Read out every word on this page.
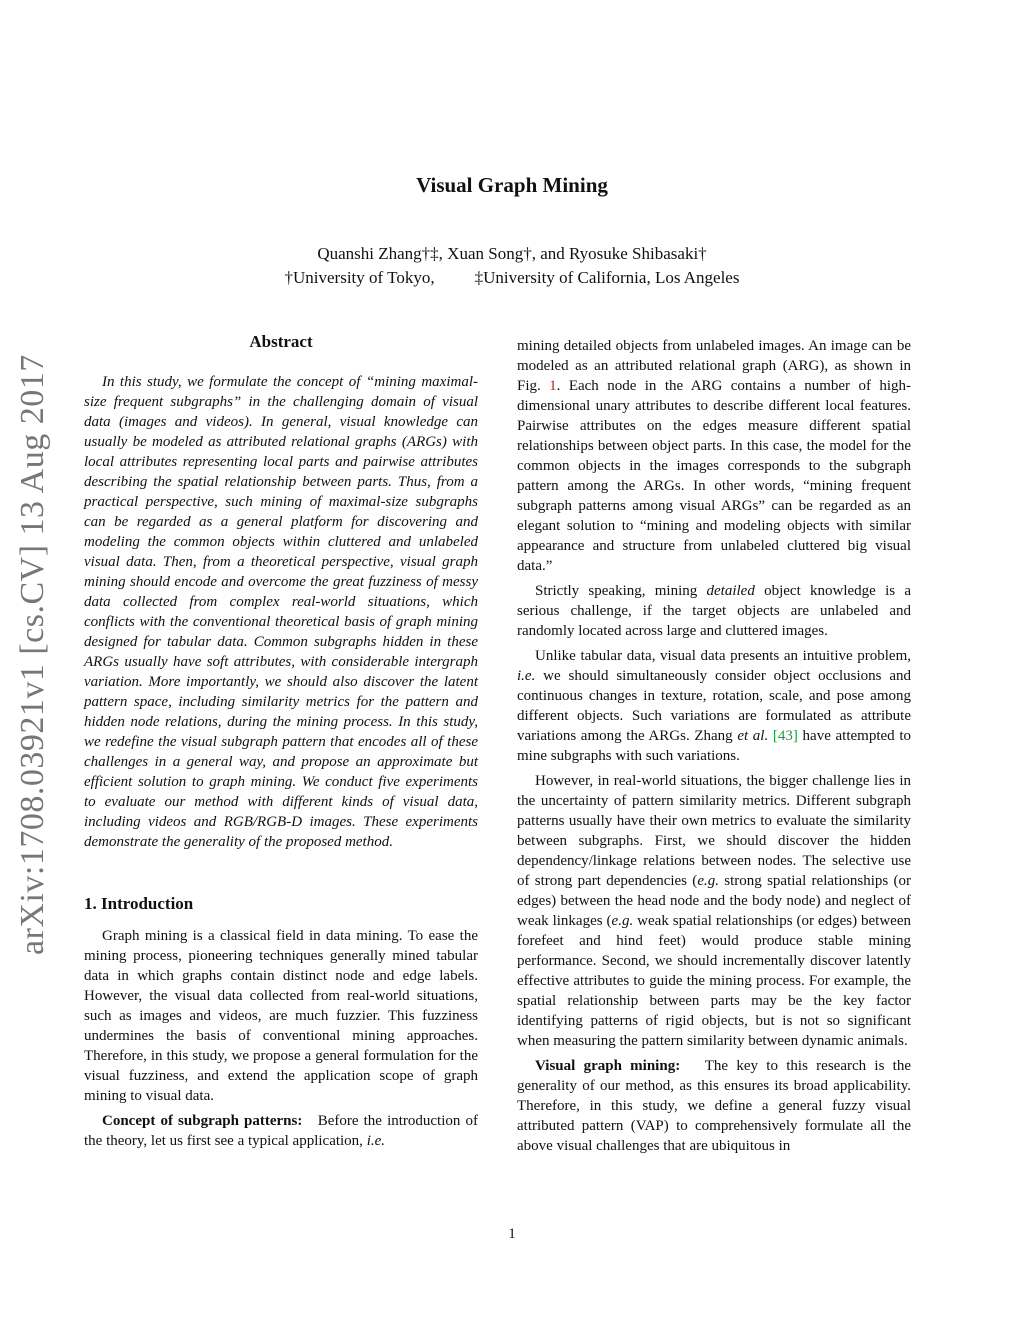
arXiv:1708.03921v1 [cs.CV] 13 Aug 2017
Visual Graph Mining
Quanshi Zhang†‡, Xuan Song†, and Ryosuke Shibasaki†
†University of Tokyo, ‡University of California, Los Angeles
Abstract

In this study, we formulate the concept of “mining maximal-size frequent subgraphs” in the challenging domain of visual data (images and videos). In general, visual knowledge can usually be modeled as attributed relational graphs (ARGs) with local attributes representing local parts and pairwise attributes describing the spatial relationship between parts. Thus, from a practical perspective, such mining of maximal-size subgraphs can be regarded as a general platform for discovering and modeling the common objects within cluttered and unlabeled visual data. Then, from a theoretical perspective, visual graph mining should encode and overcome the great fuzziness of messy data collected from complex real-world situations, which conflicts with the conventional theoretical basis of graph mining designed for tabular data. Common subgraphs hidden in these ARGs usually have soft attributes, with considerable intergraph variation. More importantly, we should also discover the latent pattern space, including similarity metrics for the pattern and hidden node relations, during the mining process. In this study, we redefine the visual subgraph pattern that encodes all of these challenges in a general way, and propose an approximate but efficient solution to graph mining. We conduct five experiments to evaluate our method with different kinds of visual data, including videos and RGB/RGB-D images. These experiments demonstrate the generality of the proposed method.

1. Introduction

Graph mining is a classical field in data mining. To ease the mining process, pioneering techniques generally mined tabular data in which graphs contain distinct node and edge labels. However, the visual data collected from real-world situations, such as images and videos, are much fuzzier. This fuzziness undermines the basis of conventional mining approaches. Therefore, in this study, we propose a general formulation for the visual fuzziness, and extend the application scope of graph mining to visual data.

Concept of subgraph patterns: Before the introduction of the theory, let us first see a typical application, i.e.

mining detailed objects from unlabeled images. An image can be modeled as an attributed relational graph (ARG), as shown in Fig. 1. Each node in the ARG contains a number of high-dimensional unary attributes to describe different local features. Pairwise attributes on the edges measure different spatial relationships between object parts. In this case, the model for the common objects in the images corresponds to the subgraph pattern among the ARGs. In other words, “mining frequent subgraph patterns among visual ARGs” can be regarded as an elegant solution to “mining and modeling objects with similar appearance and structure from unlabeled cluttered big visual data.”

Strictly speaking, mining detailed object knowledge is a serious challenge, if the target objects are unlabeled and randomly located across large and cluttered images.

Unlike tabular data, visual data presents an intuitive problem, i.e. we should simultaneously consider object occlusions and continuous changes in texture, rotation, scale, and pose among different objects. Such variations are formulated as attribute variations among the ARGs. Zhang et al. [43] have attempted to mine subgraphs with such variations.

However, in real-world situations, the bigger challenge lies in the uncertainty of pattern similarity metrics. Different subgraph patterns usually have their own metrics to evaluate the similarity between subgraphs. First, we should discover the hidden dependency/linkage relations between nodes. The selective use of strong part dependencies (e.g. strong spatial relationships (or edges) between the head node and the body node) and neglect of weak linkages (e.g. weak spatial relationships (or edges) between forefeet and hind feet) would produce stable mining performance. Second, we should incrementally discover latently effective attributes to guide the mining process. For example, the spatial relationship between parts may be the key factor identifying patterns of rigid objects, but is not so significant when measuring the pattern similarity between dynamic animals.

Visual graph mining: The key to this research is the generality of our method, as this ensures its broad applicability. Therefore, in this study, we define a general fuzzy visual attributed pattern (VAP) to comprehensively formulate all the above visual challenges that are ubiquitous in

1
